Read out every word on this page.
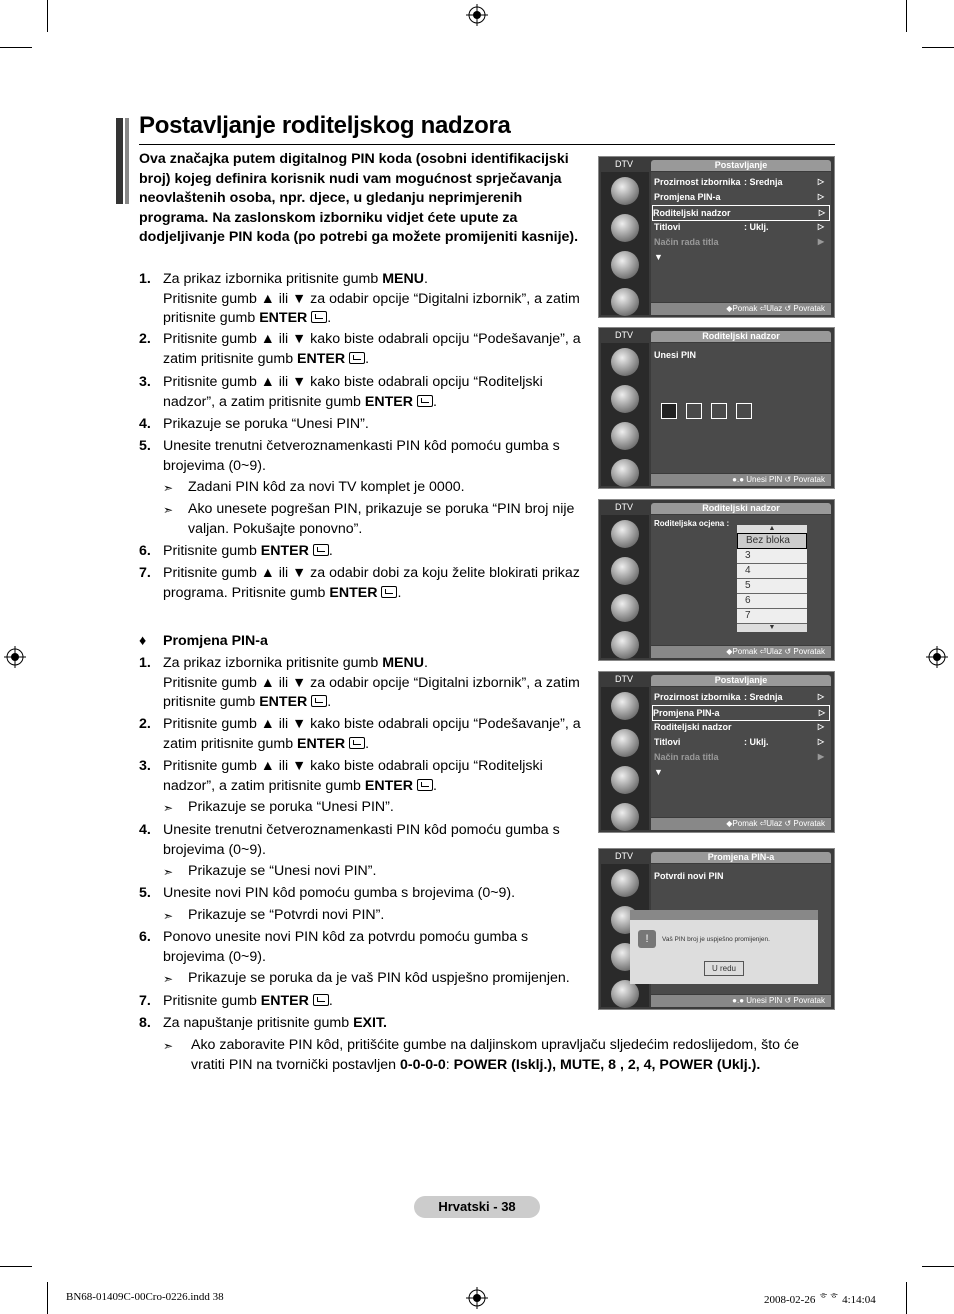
Postavljanje roditeljskog nadzora
Ova značajka putem digitalnog PIN koda (osobni identifikacijski broj) kojeg definira korisnik nudi vam mogućnost sprječavanja neovlaštenih osoba, npr. djece, u gledanju neprimjerenih programa. Na zaslonskom izborniku vidjet ćete upute za dodjeljivanje PIN koda (po potrebi ga možete promijeniti kasnije).
1. Za prikaz izbornika pritisnite gumb MENU.
Pritisnite gumb ▲ ili ▼ za odabir opcije “Digitalni izbornik”, a zatim pritisnite gumb ENTER .
2. Pritisnite gumb ▲ ili ▼ kako biste odabrali opciju “Podešavanje”, a zatim pritisnite gumb ENTER .
3. Pritisnite gumb ▲ ili ▼ kako biste odabrali opciju “Roditeljski nadzor”, a zatim pritisnite gumb ENTER .
4. Prikazuje se poruka “Unesi PIN”.
5. Unesite trenutni četveroznamenkasti PIN kôd pomoću gumba s brojevima (0~9).
➣ Zadani PIN kôd za novi TV komplet je 0000.
➣ Ako unesete pogrešan PIN, prikazuje se poruka “PIN broj nije valjan. Pokušajte ponovno”.
6. Pritisnite gumb ENTER .
7. Pritisnite gumb ▲ ili ▼ za odabir dobi za koju želite blokirati prikaz programa. Pritisnite gumb ENTER .
♦ Promjena PIN-a
1. Za prikaz izbornika pritisnite gumb MENU.
Pritisnite gumb ▲ ili ▼ za odabir opcije “Digitalni izbornik”, a zatim pritisnite gumb ENTER .
2. Pritisnite gumb ▲ ili ▼ kako biste odabrali opciju “Podešavanje”, a zatim pritisnite gumb ENTER .
3. Pritisnite gumb ▲ ili ▼ kako biste odabrali opciju “Roditeljski nadzor”, a zatim pritisnite gumb ENTER .
➣ Prikazuje se poruka “Unesi PIN”.
4. Unesite trenutni četveroznamenkasti PIN kôd pomoću gumba s brojevima (0~9).
➣ Prikazuje se “Unesi novi PIN”.
5. Unesite novi PIN kôd pomoću gumba s brojevima (0~9).
➣ Prikazuje se “Potvrdi novi PIN”.
6. Ponovo unesite novi PIN kôd za potvrdu pomoću gumba s brojevima (0~9).
➣ Prikazuje se poruka da je vaš PIN kôd uspješno promijenjen.
7. Pritisnite gumb ENTER .
8. Za napuštanje pritisnite gumb EXIT.
➣ Ako zaboravite PIN kôd, pritišćite gumbe na daljinskom upravljaču sljedećim redoslijedom, što će vratiti PIN na tvornički postavljen 0-0-0-0: POWER (Isklj.), MUTE, 8 , 2, 4, POWER (Uklj.).
DTV	Postavljanje
Prozirnost izbornika : Srednja	▷
Promjena PIN-a	▷
Roditeljski nadzor	▷
Titlovi	: Uklj.	▷
Način rada titla	▶
▼
◆Pomak ⏎Ulaz ↺ Povratak
DTV	Roditeljski nadzor
Unesi PIN
●.● Unesi PIN ↺ Povratak
DTV	Roditeljski nadzor
Roditeljska ocjena :
▲
Bez bloka
3
4
5
6
7
▼
◆Pomak ⏎Ulaz ↺ Povratak
DTV	Postavljanje
Prozirnost izbornika : Srednja	▷
Promjena PIN-a	▷
Roditeljski nadzor	▷
Titlovi	: Uklj.	▷
Način rada titla	▶
▼
◆Pomak ⏎Ulaz ↺ Povratak
DTV	Promjena PIN-a
Potvrdi novi PIN
!	Vaš PIN broj je uspješno promijenjen.
U redu
●.● Unesi PIN ↺ Povratak
Hrvatski - 38
BN68-01409C-00Cro-0226.indd 38	2008-02-26 ᄒᄒ 4:14:04
